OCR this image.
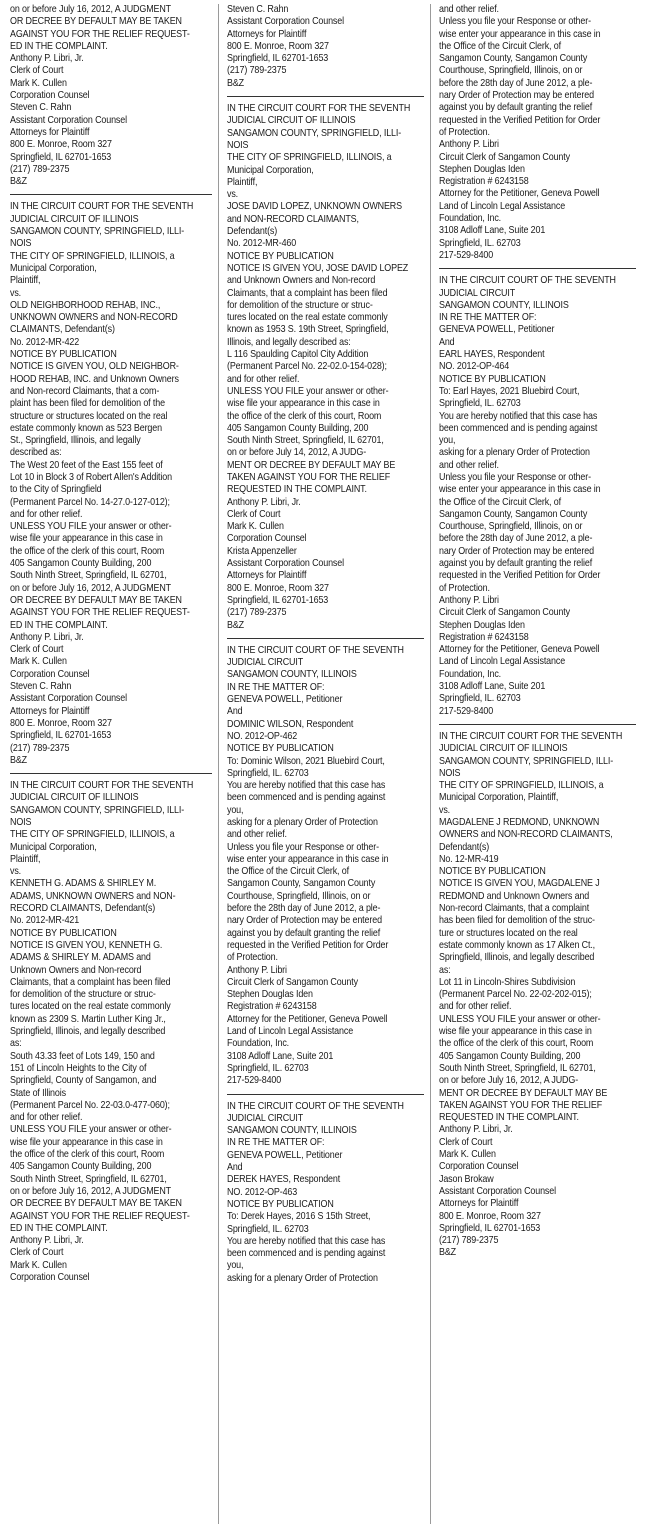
on or before July 16, 2012, A JUDGMENT
OR DECREE BY DEFAULT MAY BE TAKEN
AGAINST YOU FOR THE RELIEF REQUEST-
ED IN THE COMPLAINT.
Anthony P. Libri, Jr.
Clerk of Court
Mark K. Cullen
Corporation Counsel
Steven C. Rahn
Assistant Corporation Counsel
Attorneys for Plaintiff
800 E. Monroe, Room 327
Springfield, IL 62701-1653
(217) 789-2375
B&Z
IN THE CIRCUIT COURT FOR THE SEVENTH
JUDICIAL CIRCUIT OF ILLINOIS
SANGAMON COUNTY, SPRINGFIELD, ILLI-
NOIS
THE CITY OF SPRINGFIELD, ILLINOIS, a
Municipal Corporation,
Plaintiff,
vs.
OLD NEIGHBORHOOD REHAB, INC.,
UNKNOWN OWNERS and NON-RECORD
CLAIMANTS, Defendant(s)
No. 2012-MR-422
NOTICE BY PUBLICATION
NOTICE IS GIVEN YOU, OLD NEIGHBOR-
HOOD REHAB, INC. and Unknown Owners
and Non-record Claimants, that a com-
plaint has been filed for demolition of the
structure or structures located on the real
estate commonly known as 523 Bergen
St., Springfield, Illinois, and legally
described as:
The West 20 feet of the East 155 feet of
Lot 10 in Block 3 of Robert Allen's Addition
to the City of Springfield
(Permanent Parcel No. 14-27.0-127-012);
and for other relief.
UNLESS YOU FILE your answer or other-
wise file your appearance in this case in
the office of the clerk of this court, Room
405 Sangamon County Building, 200
South Ninth Street, Springfield, IL 62701,
on or before July 16, 2012, A JUDGMENT
OR DECREE BY DEFAULT MAY BE TAKEN
AGAINST YOU FOR THE RELIEF REQUEST-
ED IN THE COMPLAINT.
Anthony P. Libri, Jr.
Clerk of Court
Mark K. Cullen
Corporation Counsel
Steven C. Rahn
Assistant Corporation Counsel
Attorneys for Plaintiff
800 E. Monroe, Room 327
Springfield, IL 62701-1653
(217) 789-2375
B&Z
IN THE CIRCUIT COURT FOR THE SEVENTH
JUDICIAL CIRCUIT OF ILLINOIS
SANGAMON COUNTY, SPRINGFIELD, ILLI-
NOIS
THE CITY OF SPRINGFIELD, ILLINOIS, a
Municipal Corporation,
Plaintiff,
vs.
KENNETH G. ADAMS & SHIRLEY M.
ADAMS, UNKNOWN OWNERS and NON-
RECORD CLAIMANTS, Defendant(s)
No. 2012-MR-421
NOTICE BY PUBLICATION
NOTICE IS GIVEN YOU, KENNETH G.
ADAMS & SHIRLEY M. ADAMS and
Unknown Owners and Non-record
Claimants, that a complaint has been filed
for demolition of the structure or struc-
tures located on the real estate commonly
known as 2309 S. Martin Luther King Jr.,
Springfield, Illinois, and legally described
as:
South 43.33 feet of Lots 149, 150 and
151 of Lincoln Heights to the City of
Springfield, County of Sangamon, and
State of Illinois
(Permanent Parcel No. 22-03.0-477-060);
and for other relief.
UNLESS YOU FILE your answer or other-
wise file your appearance in this case in
the office of the clerk of this court, Room
405 Sangamon County Building, 200
South Ninth Street, Springfield, IL 62701,
on or before July 16, 2012, A JUDGMENT
OR DECREE BY DEFAULT MAY BE TAKEN
AGAINST YOU FOR THE RELIEF REQUEST-
ED IN THE COMPLAINT.
Anthony P. Libri, Jr.
Clerk of Court
Mark K. Cullen
Corporation Counsel
Steven C. Rahn
Assistant Corporation Counsel
Attorneys for Plaintiff
800 E. Monroe, Room 327
Springfield, IL 62701-1653
(217) 789-2375
B&Z
IN THE CIRCUIT COURT FOR THE SEVENTH
JUDICIAL CIRCUIT OF ILLINOIS
SANGAMON COUNTY, SPRINGFIELD, ILLI-
NOIS
THE CITY OF SPRINGFIELD, ILLINOIS, a
Municipal Corporation,
Plaintiff,
vs.
JOSE DAVID LOPEZ, UNKNOWN OWNERS
and NON-RECORD CLAIMANTS,
Defendant(s)
No. 2012-MR-460
NOTICE BY PUBLICATION
NOTICE IS GIVEN YOU, JOSE DAVID LOPEZ
and Unknown Owners and Non-record
Claimants, that a complaint has been filed
for demolition of the structure or struc-
tures located on the real estate commonly
known as 1953 S. 19th Street, Springfield,
Illinois, and legally described as:
L 116 Spaulding Capitol City Addition
(Permanent Parcel No. 22-02.0-154-028);
and for other relief.
UNLESS YOU FILE your answer or other-
wise file your appearance in this case in
the office of the clerk of this court, Room
405 Sangamon County Building, 200
South Ninth Street, Springfield, IL 62701,
on or before July 14, 2012, A JUDG-
MENT OR DECREE BY DEFAULT MAY BE
TAKEN AGAINST YOU FOR THE RELIEF
REQUESTED IN THE COMPLAINT.
Anthony P. Libri, Jr.
Clerk of Court
Mark K. Cullen
Corporation Counsel
Krista Appenzeller
Assistant Corporation Counsel
Attorneys for Plaintiff
800 E. Monroe, Room 327
Springfield, IL 62701-1653
(217) 789-2375
B&Z
IN THE CIRCUIT COURT OF THE SEVENTH
JUDICIAL CIRCUIT
SANGAMON COUNTY, ILLINOIS
IN RE THE MATTER OF:
GENEVA POWELL, Petitioner
And
DOMINIC WILSON, Respondent
NO. 2012-OP-462
NOTICE BY PUBLICATION
To: Dominic Wilson, 2021 Bluebird Court,
Springfield, IL. 62703
You are hereby notified that this case has
been commenced and is pending against
you,
asking for a plenary Order of Protection
and other relief.
Unless you file your Response or other-
wise enter your appearance in this case in
the Office of the Circuit Clerk, of
Sangamon County, Sangamon County
Courthouse, Springfield, Illinois, on or
before the 28th day of June 2012, a ple-
nary Order of Protection may be entered
against you by default granting the relief
requested in the Verified Petition for Order
of Protection.
Anthony P. Libri
Circuit Clerk of Sangamon County
Stephen Douglas Iden
Registration # 6243158
Attorney for the Petitioner, Geneva Powell
Land of Lincoln Legal Assistance
Foundation, Inc.
3108 Adloff Lane, Suite 201
Springfield, IL. 62703
217-529-8400
IN THE CIRCUIT COURT OF THE SEVENTH
JUDICIAL CIRCUIT
SANGAMON COUNTY, ILLINOIS
IN RE THE MATTER OF:
GENEVA POWELL, Petitioner
And
DEREK HAYES, Respondent
NO. 2012-OP-463
NOTICE BY PUBLICATION
To: Derek Hayes, 2016 S 15th Street,
Springfield, IL. 62703
You are hereby notified that this case has
been commenced and is pending against
you,
asking for a plenary Order of Protection
and other relief.
Unless you file your Response or other-
wise enter your appearance in this case in
the Office of the Circuit Clerk, of
Sangamon County, Sangamon County
Courthouse, Springfield, Illinois, on or
before the 28th day of June 2012, a ple-
nary Order of Protection may be entered
against you by default granting the relief
requested in the Verified Petition for Order
of Protection.
Anthony P. Libri
Circuit Clerk of Sangamon County
Stephen Douglas Iden
Registration # 6243158
Attorney for the Petitioner, Geneva Powell
Land of Lincoln Legal Assistance
Foundation, Inc.
3108 Adloff Lane, Suite 201
Springfield, IL. 62703
217-529-8400
IN THE CIRCUIT COURT OF THE SEVENTH
JUDICIAL CIRCUIT
SANGAMON COUNTY, ILLINOIS
IN RE THE MATTER OF:
GENEVA POWELL, Petitioner
And
EARL HAYES, Respondent
NO. 2012-OP-464
NOTICE BY PUBLICATION
To: Earl Hayes, 2021 Bluebird Court,
Springfield, IL. 62703
You are hereby notified that this case has
been commenced and is pending against
you,
asking for a plenary Order of Protection
and other relief.
Unless you file your Response or other-
wise enter your appearance in this case in
the Office of the Circuit Clerk, of
Sangamon County, Sangamon County
Courthouse, Springfield, Illinois, on or
before the 28th day of June 2012, a ple-
nary Order of Protection may be entered
against you by default granting the relief
requested in the Verified Petition for Order
of Protection.
Anthony P. Libri
Circuit Clerk of Sangamon County
Stephen Douglas Iden
Registration # 6243158
Attorney for the Petitioner, Geneva Powell
Land of Lincoln Legal Assistance
Foundation, Inc.
3108 Adloff Lane, Suite 201
Springfield, IL. 62703
217-529-8400
IN THE CIRCUIT COURT FOR THE SEVENTH
JUDICIAL CIRCUIT OF ILLINOIS
SANGAMON COUNTY, SPRINGFIELD, ILLI-
NOIS
THE CITY OF SPRINGFIELD, ILLINOIS, a
Municipal Corporation, Plaintiff,
vs.
MAGDALENE J REDMOND, UNKNOWN
OWNERS and NON-RECORD CLAIMANTS,
Defendant(s)
No. 12-MR-419
NOTICE BY PUBLICATION
NOTICE IS GIVEN YOU, MAGDALENE J
REDMOND and Unknown Owners and
Non-record Claimants, that a complaint
has been filed for demolition of the struc-
ture or structures located on the real
estate commonly known as 17 Alken Ct.,
Springfield, Illinois, and legally described
as:
Lot 11 in Lincoln-Shires Subdivision
(Permanent Parcel No. 22-02-202-015);
and for other relief.
UNLESS YOU FILE your answer or other-
wise file your appearance in this case in
the office of the clerk of this court, Room
405 Sangamon County Building, 200
South Ninth Street, Springfield, IL 62701,
on or before July 16, 2012, A JUDG-
MENT OR DECREE BY DEFAULT MAY BE
TAKEN AGAINST YOU FOR THE RELIEF
REQUESTED IN THE COMPLAINT.
Anthony P. Libri, Jr.
Clerk of Court
Mark K. Cullen
Corporation Counsel
Jason Brokaw
Assistant Corporation Counsel
Attorneys for Plaintiff
800 E. Monroe, Room 327
Springfield, IL 62701-1653
(217) 789-2375
B&Z
